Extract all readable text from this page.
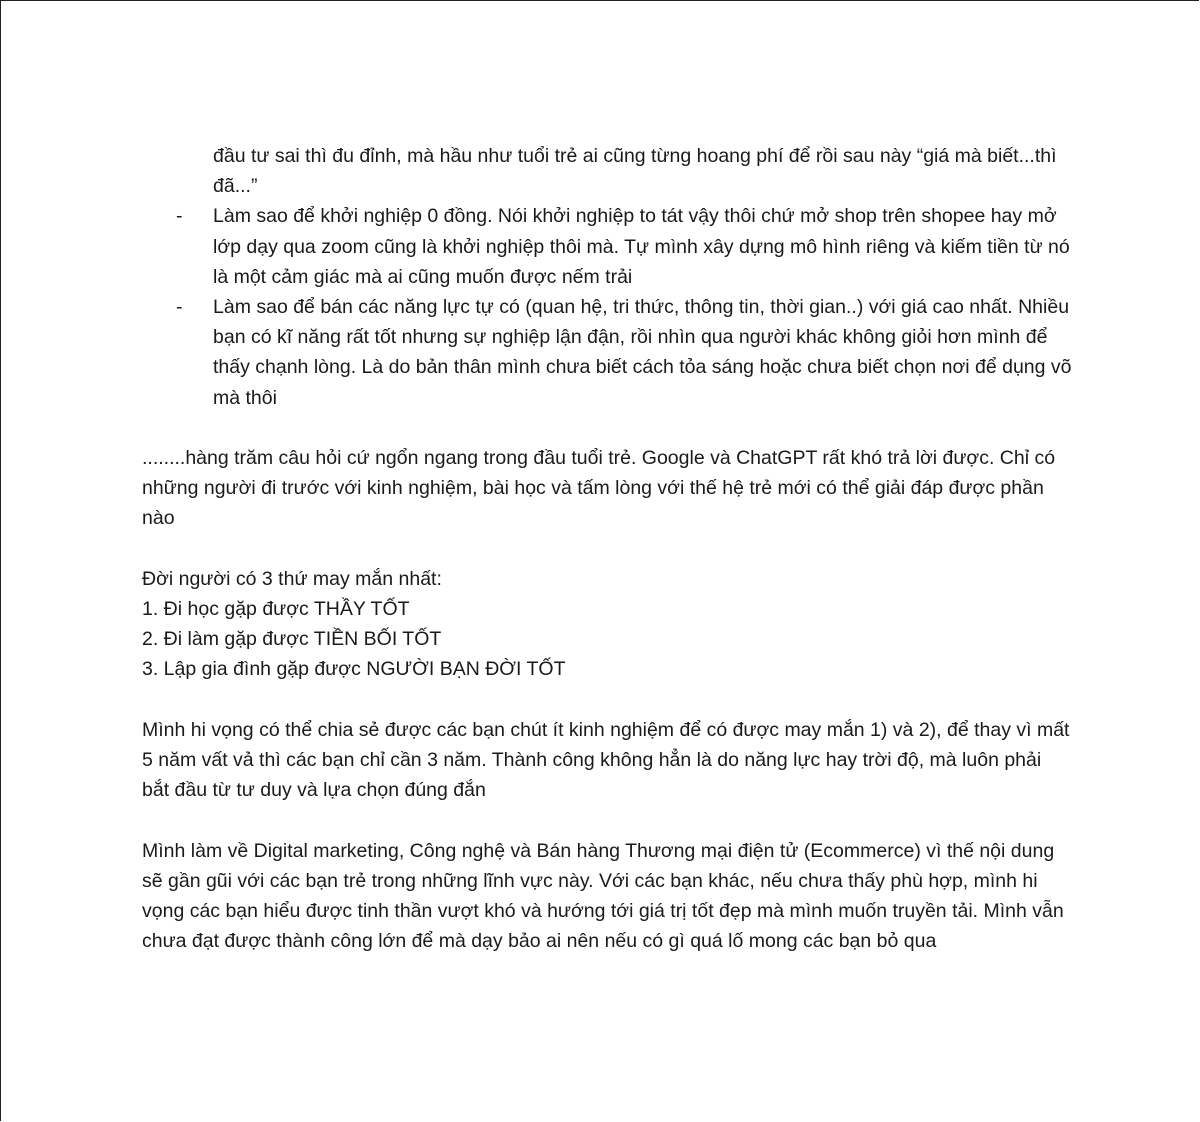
đầu tư sai thì đu đỉnh, mà hầu như tuổi trẻ ai cũng từng hoang phí để rồi sau này “giá mà biết...thì đã...”
- Làm sao để khởi nghiệp 0 đồng. Nói khởi nghiệp to tát vậy thôi chứ mở shop trên shopee hay mở lớp dạy qua zoom cũng là khởi nghiệp thôi mà. Tự mình xây dựng mô hình riêng và kiếm tiền từ nó là một cảm giác mà ai cũng muốn được nếm trải
- Làm sao để bán các năng lực tự có (quan hệ, tri thức, thông tin, thời gian..) với giá cao nhất. Nhiều bạn có kĩ năng rất tốt nhưng sự nghiệp lận đận, rồi nhìn qua người khác không giỏi hơn mình để thấy chạnh lòng. Là do bản thân mình chưa biết cách tỏa sáng hoặc chưa biết chọn nơi để dụng võ mà thôi

........hàng trăm câu hỏi cứ ngổn ngang trong đầu tuổi trẻ. Google và ChatGPT rất khó trả lời được. Chỉ có những người đi trước với kinh nghiệm, bài học và tấm lòng với thế hệ trẻ mới có thể giải đáp được phần nào

Đời người có 3 thứ may mắn nhất:

1. Đi học gặp được THẦY TỐT
2. Đi làm gặp được TIỀN BỐI TỐT
3. Lập gia đình gặp được NGƯỜI BẠN ĐỜI TỐT

Mình hi vọng có thể chia sẻ được các bạn chút ít kinh nghiệm để có được may mắn 1) và 2), để thay vì mất 5 năm vất vả thì các bạn chỉ cần 3 năm. Thành công không hẳn là do năng lực hay trời độ, mà luôn phải bắt đầu từ tư duy và lựa chọn đúng đắn

Mình làm về Digital marketing, Công nghệ và Bán hàng Thương mại điện tử (Ecommerce) vì thế nội dung sẽ gần gũi với các bạn trẻ trong những lĩnh vực này. Với các bạn khác, nếu chưa thấy phù hợp, mình hi vọng các bạn hiểu được tinh thần vượt khó và hướng tới giá trị tốt đẹp mà mình muốn truyền tải. Mình vẫn chưa đạt được thành công lớn để mà dạy bảo ai nên nếu có gì quá lố mong các bạn bỏ qua
